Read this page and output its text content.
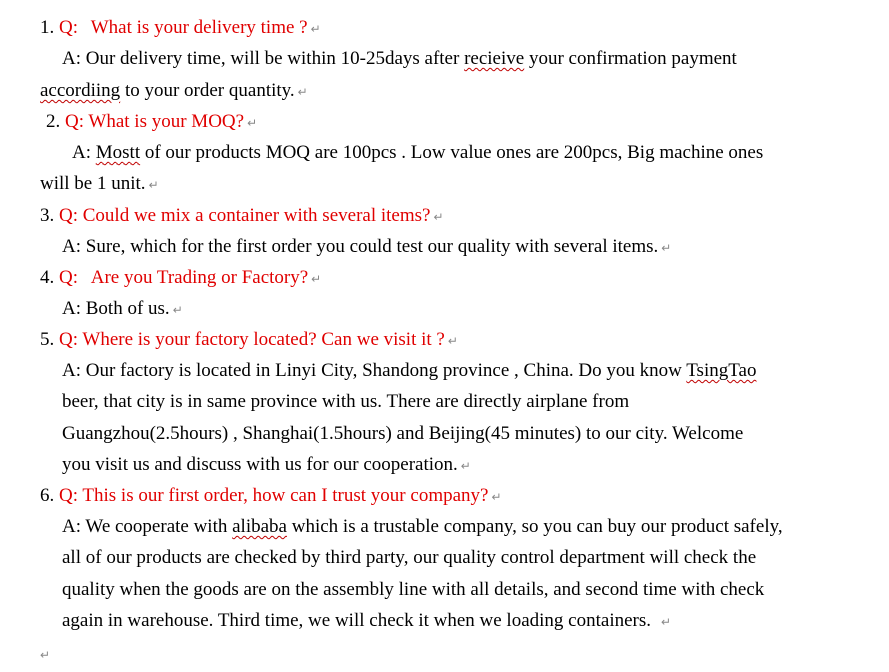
1. Q: What is your delivery time ? ↵
A: Our delivery time, will be within 10-25days after recieive your confirmation payment
accordiing to your order quantity. ↵
2. Q: What is your MOQ? ↵
A: Mostt of our products MOQ are 100pcs . Low value ones are 200pcs, Big machine ones
will be 1 unit. ↵
3. Q: Could we mix a container with several items? ↵
A: Sure, which for the first order you could test our quality with several items. ↵
4. Q: Are you Trading or Factory? ↵
A: Both of us. ↵
5. Q: Where is your factory located? Can we visit it ? ↵
A: Our factory is located in Linyi City, Shandong province , China. Do you know TsingTao
beer, that city is in same province with us. There are directly airplane from
Guangzhou(2.5hours) , Shanghai(1.5hours) and Beijing(45 minutes) to our city. Welcome
you visit us and discuss with us for our cooperation. ↵
6. Q: This is our first order, how can I trust your company? ↵
A: We cooperate with alibaba which is a trustable company, so you can buy our product safely,
all of our products are checked by third party, our quality control department will check the
quality when the goods are on the assembly line with all details, and second time with check
again in warehouse. Third time, we will check it when we loading containers. ↵
↵
